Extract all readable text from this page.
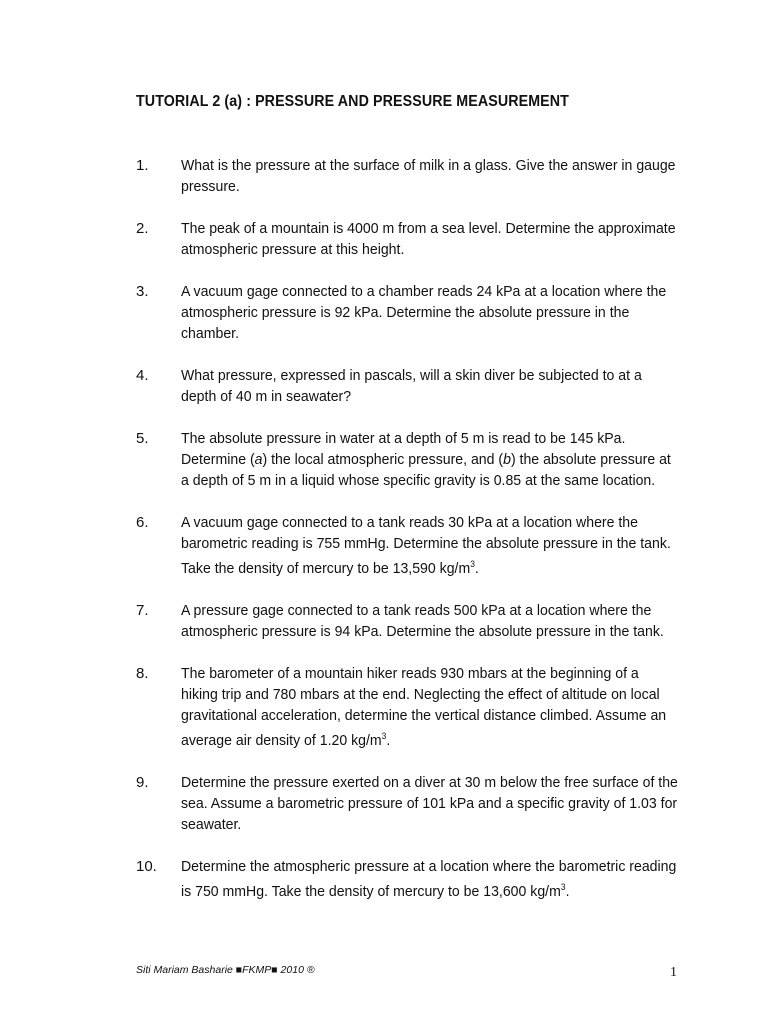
TUTORIAL 2 (a) : PRESSURE AND PRESSURE MEASUREMENT
1. What is the pressure at the surface of milk in a glass. Give the answer in gauge pressure.
2. The peak of a mountain is 4000 m from a sea level. Determine the approximate atmospheric pressure at this height.
3. A vacuum gage connected to a chamber reads 24 kPa at a location where the atmospheric pressure is 92 kPa. Determine the absolute pressure in the chamber.
4. What pressure, expressed in pascals, will a skin diver be subjected to at a depth of 40 m in seawater?
5. The absolute pressure in water at a depth of 5 m is read to be 145 kPa. Determine (a) the local atmospheric pressure, and (b) the absolute pressure at a depth of 5 m in a liquid whose specific gravity is 0.85 at the same location.
6. A vacuum gage connected to a tank reads 30 kPa at a location where the barometric reading is 755 mmHg. Determine the absolute pressure in the tank. Take the density of mercury to be 13,590 $kg/m^3$.
7. A pressure gage connected to a tank reads 500 kPa at a location where the atmospheric pressure is 94 kPa. Determine the absolute pressure in the tank.
8. The barometer of a mountain hiker reads 930 mbars at the beginning of a hiking trip and 780 mbars at the end. Neglecting the effect of altitude on local gravitational acceleration, determine the vertical distance climbed. Assume an average air density of 1.20 $kg/m^3$.
9. Determine the pressure exerted on a diver at 30 m below the free surface of the sea. Assume a barometric pressure of 101 kPa and a specific gravity of 1.03 for seawater.
10. Determine the atmospheric pressure at a location where the barometric reading is 750 mmHg. Take the density of mercury to be 13,600 $kg/m^3$.
Siti Mariam Basharie ■FKMP■ 2010 ®	1
